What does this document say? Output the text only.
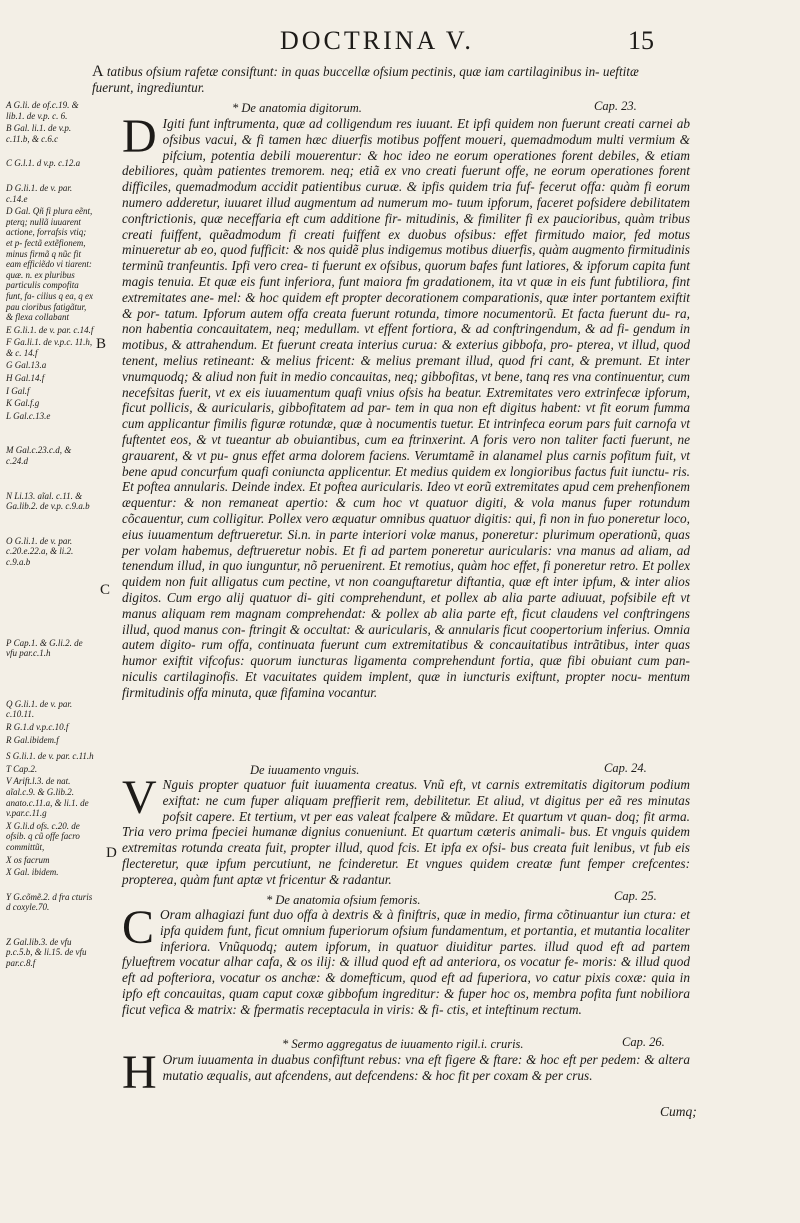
DOCTRINA V.	15
A tatibus ofsium rafetæ consiftunt: in quas buccellæ ofsium pectinis, quæ iam cartilaginibus in- ueftitæ fuerunt, ingrediuntur.
* De anatomia digitorum.	Cap. 23.
D Igiti funt inftrumenta, quæ ad colligendum res iuuant. Et ipfi quidem non fuerunt creati carnei ab ofsibus vacui, & fi tamen hæc diuerfis motibus poffent moueri, quemadmodum multi vermium & pifcium, potentia debili mouerentur: & hoc ideo ne eorum operationes forent debiles, & etiam debiliores, quàm patientes tremorem. neq; etiã ex vno creati fuerunt offe, ne eorum operationes forent difficiles, quemadmodum accidit patientibus curuæ. & ipfis quidem tria fuf- fecerut offa: quàm fi eorum numero adderetur, iuuaret illud augmentum ad numerum mo- tuum ipforum, faceret pofsidere debilitatem conftrictionis, quæ neceffaria eft cum additione fir- mitudinis, & fimiliter fi ex paucioribus, quàm tribus creati fuiffent, quẽadmodum fi creati fuiffent ex duobus ofsibus: effet firmitudo maior, fed motus minueretur ab eo, quod fufficit: & nos quidẽ plus indigemus motibus diuerfis, quàm augmento firmitudinis terminũ tranfeuntis. Ipfi vero crea- ti fuerunt ex ofsibus, quorum bafes funt latiores, & ipforum capita funt magis tenuia. Et quæ eis funt inferiora, funt maiora fm gradationem, ita vt quæ in eis funt fubtiliora, fint extremitates ane- mel: & hoc quidem eft propter decorationem comparationis, quæ inter portantem exiftit & por- tatum. Ipforum autem offa creata fuerunt rotunda, timore nocumentorũ. Et facta fuerunt du- ra, non habentia concauitatem, neq; medullam. vt effent fortiora, & ad conftringendum, & ad fi- gendum in motibus, & attrahendum. Et fuerunt creata interius curua: & exterius gibbofa, pro- pterea, vt illud, quod tenent, melius retineant: & melius fricent: & melius premant illud, quod fri cant, & premunt. Et inter vnumquodq; & aliud non fuit in medio concauitas, neq; gibbofitas, vt bene, tanq res vna continuentur, cum necefsitas fuerit, vt ex eis iuuamentum quafi vnius ofsis ha beatur. Extremitates vero extrinfecæ ipforum, ficut pollicis, & auricularis, gibbofitatem ad par- tem in qua non eft digitus habent: vt fit eorum fumma cum applicantur fimilis figuræ rotundæ, quæ à nocumentis tuetur. Et intrinfeca eorum pars fuit carnofa vt fuftentet eos, & vt tueantur ab obuiantibus, cum ea ftrinxerint. A foris vero non taliter facti fuerunt, ne grauarent, & vt pu- gnus effet arma dolorem faciens. Verumtamẽ in alanamel plus carnis pofitum fuit, vt bene apud concurfum quafi coniuncta applicentur. Et medius quidem ex longioribus factus fuit iunctu- ris. Et poftea annularis. Deinde index. Et poftea auricularis. Ideo vt eorũ extremitates apud cem prehenfionem æquentur: & non remaneat apertio: & cum hoc vt quatuor digiti, & vola manus fuper rotundum cõcauentur, cum colligitur. Pollex vero æquatur omnibus quatuor digitis: qui, fi non in fuo poneretur loco, eius iuuamentum deftrueretur. Si.n. in parte interiori volæ manus, poneretur: plurimum operationũ, quas per volam habemus, deftrueretur nobis. Et fi ad partem poneretur auricularis: vna manus ad aliam, ad tenendum illud, in quo iunguntur, nõ peruenirent. Et remotius, quàm hoc effet, fi poneretur retro. Et pollex quidem non fuit alligatus cum pectine, vt non coanguftaretur diftantia, quæ eft inter ipfum, & inter alios digitos. Cum ergo alij quatuor di- giti comprehendunt, et pollex ab alia parte adiuuat, pofsibile eft vt manus aliquam rem magnam comprehendat: & pollex ab alia parte eft, ficut claudens vel conftringens illud, quod manus con- ftringit & occultat: & auricularis, & annularis ficut coopertorium inferius. Omnia autem digito- rum offa, continuata fuerunt cum extremitatibus & concauitatibus intrãtibus, inter quas humor exiftit vifcofus: quorum iuncturas ligamenta comprehendunt fortia, quæ fibi obuiant cum pan- niculis cartilaginofis. Et vacuitates quidem implent, quæ in iuncturis exiftunt, propter nocu- mentum firmitudinis offa minuta, quæ fifamina vocantur.
De iuuamento vnguis.	Cap. 24.
V Nguis propter quatuor fuit iuuamenta creatus. Vnũ eft, vt carnis extremitatis digitorum podium exiftat: ne cum fuper aliquam preffierit rem, debilitetur. Et aliud, vt digitus per eã res minutas pofsit capere. Et tertium, vt per eas valeat fcalpere & mũdare. Et quartum vt quan- doq; fit arma. Tria vero prima fpeciei humanæ dignius conueniunt. Et quartum cæteris animali- bus. Et vnguis quidem extremitas rotunda creata fuit, propter illud, quod fcis. Et ipfa ex ofsi- bus creata fuit lenibus, vt fub eis flecteretur, quæ ipfum percutiunt, ne fcinderetur. Et vngues quidem creatæ funt femper crefcentes: propterea, quàm funt aptæ vt fricentur & radantur.
* De anatomia ofsium femoris.	Cap. 25.
C Oram alhagiazi funt duo offa à dextris & à finiftris, quæ in medio, firma cõtinuantur iun ctura: et ipfa quidem funt, ficut omnium fuperiorum ofsium fundamentum, et portantia, et mutantia localiter inferiora. Vnũquodq; autem ipforum, in quatuor diuiditur partes. illud quod eft ad partem fylueftrem vocatur alhar cafa, & os ilij: & illud quod eft ad anteriora, os vocatur fe- moris: & illud quod eft ad pofteriora, vocatur os anchæ: & domefticum, quod eft ad fuperiora, vo catur pixis coxæ: quia in ipfo eft concauitas, quam caput coxæ gibbofum ingreditur: & fuper hoc os, membra pofita funt nobiliora ficut vefica & matrix: & fpermatis receptacula in viris: & fi- ctis, et inteftinum rectum.
* Sermo aggregatus de iuuamento rigil.i. cruris.	Cap. 26.
H Orum iuuamenta in duabus confiftunt rebus: vna eft figere & ftare: & hoc eft per pedem: & altera mutatio æqualis, aut afcendens, aut defcendens: & hoc fit per coxam & per crus.
Cumq;
B
C
D
A G.li. de of.c.19. & lib.1. de v.p. c. 6.
B Gal. li.1. de v.p. c.11.b, & c.6.c
C G.l.1. d v.p. c.12.a
D G.li.1. de v. par. c.14.e
D Gal. Qñ fi plura eẽnt, pterq; nullã iuuarent actione, forrafsis vtiq; et p- fectã extẽfionem, minus firmã q nũc fit eam efficiẽdo vi tiarent: quæ. n. ex pluribus particulis compofita funt, fa- cilius q ea, q ex pau cioribus fatigãtur, & flexa collabant
E G.li.1. de v. par. c.14.f
F Ga.li.1. de v.p.c. 11.h, & c. 14.f
G Gal.13.a
H Gal.14.f
I Gal.f
K Gal.f.g
L Gal.c.13.e
M Gal.c.23.c.d, & c.24.d
N Li.13. aĩal. c.11. & Ga.lib.2. de v.p. c.9.a.b
O G.li.1. de v. par. c.20.e.22.a, & li.2. c.9.a.b
P Cap.1. & G.li.2. de vfu par.c.1.h
Q G.li.1. de v. par. c.10.11.
R G.1.d v.p.c.10.f
R Gal.ibidem.f
S G.li.1. de v. par. c.11.h
T Cap.2.
V Arift.l.3. de nat. aĩal.c.9. & G.lib.2. anato.c.11.a, & li.1. de v.par.c.11.g
X G.li.d ofs. c.20. de ofsib. q cũ offe facro committũt,
X os facrum
X Gal. ibidem.
Y G.cõmẽ.2. d fra cturis d coxyle.70.
Z Gal.lib.3. de vfu p.c.5.b, & li.15. de vfu par.c.8.f
